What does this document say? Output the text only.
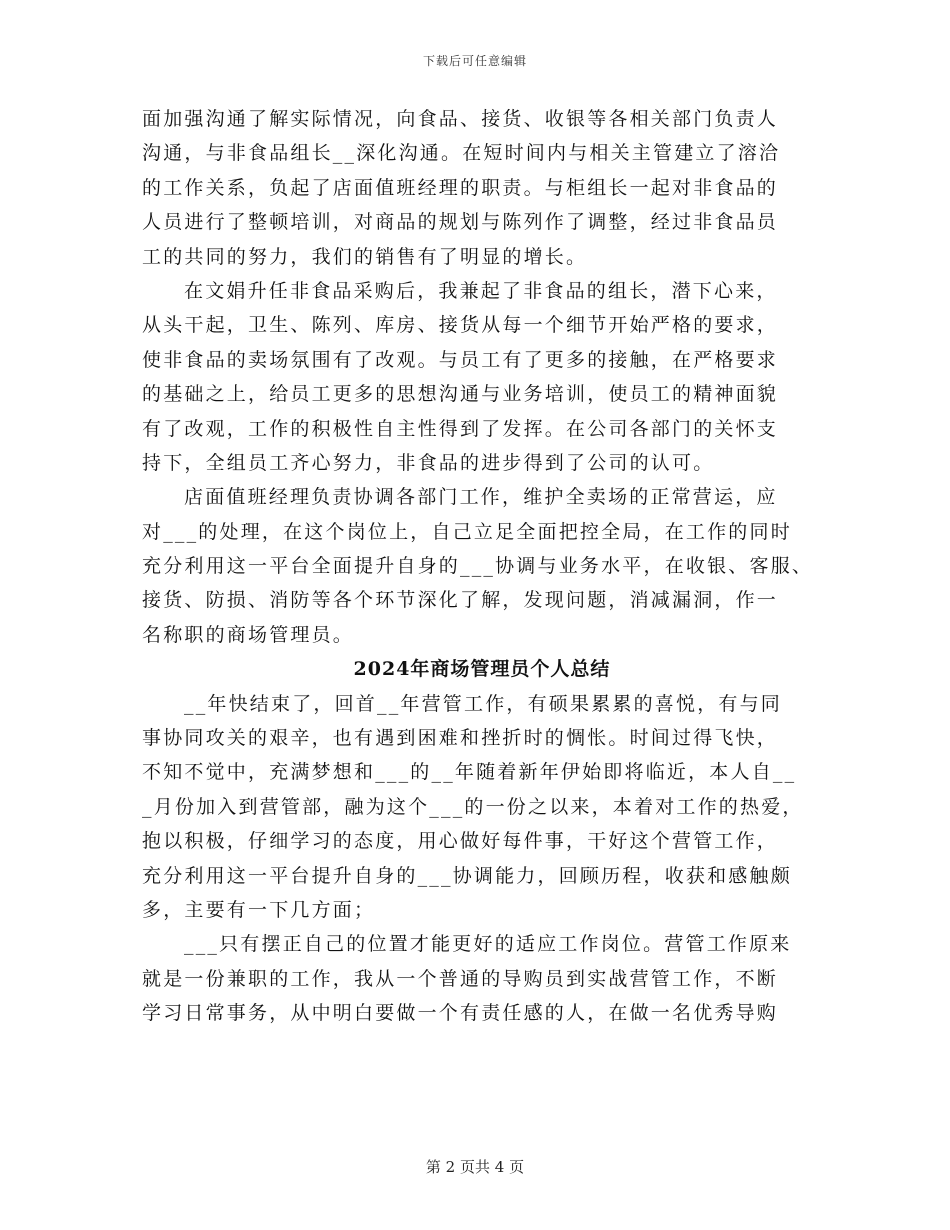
下载后可任意编辑
面加强沟通了解实际情况，向食品、接货、收银等各相关部门负责人
沟通，与非食品组长__深化沟通。在短时间内与相关主管建立了溶洽
的工作关系，负起了店面值班经理的职责。与柜组长一起对非食品的
人员进行了整顿培训，对商品的规划与陈列作了调整，经过非食品员
工的共同的努力，我们的销售有了明显的增长。
在文娟升任非食品采购后，我兼起了非食品的组长，潜下心来，
从头干起，卫生、陈列、库房、接货从每一个细节开始严格的要求，
使非食品的卖场氛围有了改观。与员工有了更多的接触，在严格要求
的基础之上，给员工更多的思想沟通与业务培训，使员工的精神面貌
有了改观，工作的积极性自主性得到了发挥。在公司各部门的关怀支
持下，全组员工齐心努力，非食品的进步得到了公司的认可。
店面值班经理负责协调各部门工作，维护全卖场的正常营运，应
对___的处理，在这个岗位上，自己立足全面把控全局，在工作的同时
充分利用这一平台全面提升自身的___协调与业务水平，在收银、客服、
接货、防损、消防等各个环节深化了解，发现问题，消减漏洞，作一
名称职的商场管理员。
2024年商场管理员个人总结
__年快结束了，回首__年营管工作，有硕果累累的喜悦，有与同
事协同攻关的艰辛，也有遇到困难和挫折时的惆怅。时间过得飞快，
不知不觉中，充满梦想和___的__年随着新年伊始即将临近，本人自__
_月份加入到营管部，融为这个___的一份之以来，本着对工作的热爱，
抱以积极，仔细学习的态度，用心做好每件事，干好这个营管工作，
充分利用这一平台提升自身的___协调能力，回顾历程，收获和感触颇
多，主要有一下几方面；
___只有摆正自己的位置才能更好的适应工作岗位。营管工作原来
就是一份兼职的工作，我从一个普通的导购员到实战营管工作，不断
学习日常事务，从中明白要做一个有责任感的人，在做一名优秀导购
第 2 页共 4 页
